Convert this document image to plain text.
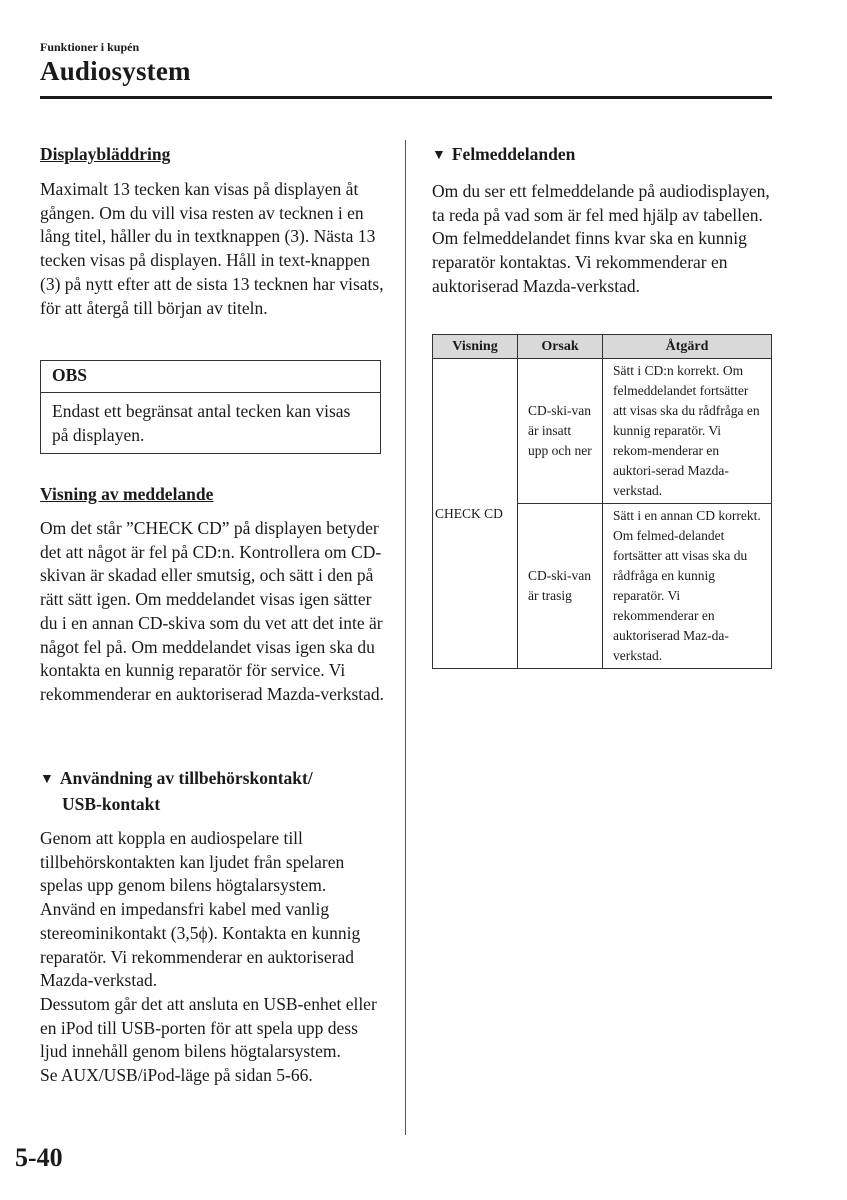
Funktioner i kupén
Audiosystem
Displaybläddring

Maximalt 13 tecken kan visas på displayen åt gången. Om du vill visa resten av tecknen i en lång titel, håller du in textknappen (3). Nästa 13 tecken visas på displayen. Håll in text-knappen (3) på nytt efter att de sista 13 tecknen har visats, för att återgå till början av titeln.

OBS
Endast ett begränsat antal tecken kan visas på displayen.
Visning av meddelande

Om det står ”CHECK CD” på displayen betyder det att något är fel på CD:n. Kontrollera om CD-skivan är skadad eller smutsig, och sätt i den på rätt sätt igen. Om meddelandet visas igen sätter du i en annan CD-skiva som du vet att det inte är något fel på. Om meddelandet visas igen ska du kontakta en kunnig reparatör för service. Vi rekommenderar en auktoriserad Mazda-verkstad.

▼ Användning av tillbehörskontakt/
USB-kontakt

Genom att koppla en audiospelare till tillbehörskontakten kan ljudet från spelaren spelas upp genom bilens högtalarsystem.

Använd en impedansfri kabel med vanlig stereominikontakt (3,5ϕ). Kontakta en kunnig reparatör. Vi rekommenderar en auktoriserad Mazda-verkstad.

Dessutom går det att ansluta en USB-enhet eller en iPod till USB-porten för att spela upp dess ljud innehåll genom bilens högtalarsystem.

Se AUX/USB/iPod-läge på sidan 5-66.

▼ Felmeddelanden

Om du ser ett felmeddelande på audiodisplayen, ta reda på vad som är fel med hjälp av tabellen. Om felmeddelandet finns kvar ska en kunnig reparatör kontaktas. Vi rekommenderar en auktoriserad Mazda-verkstad.

Visning	Orsak	Åtgärd
CHECK CD	CD-ski-van är insatt upp och ner	Sätt i CD:n korrekt. Om felmeddelandet fortsätter att visas ska du rådfråga en kunnig reparatör. Vi rekom-menderar en auktori-serad Mazda-verkstad.
	CD-ski-van är trasig	Sätt i en annan CD korrekt. Om felmed-delandet fortsätter att visas ska du rådfråga en kunnig reparatör. Vi rekommenderar en auktoriserad Maz-da-verkstad.
5-40
